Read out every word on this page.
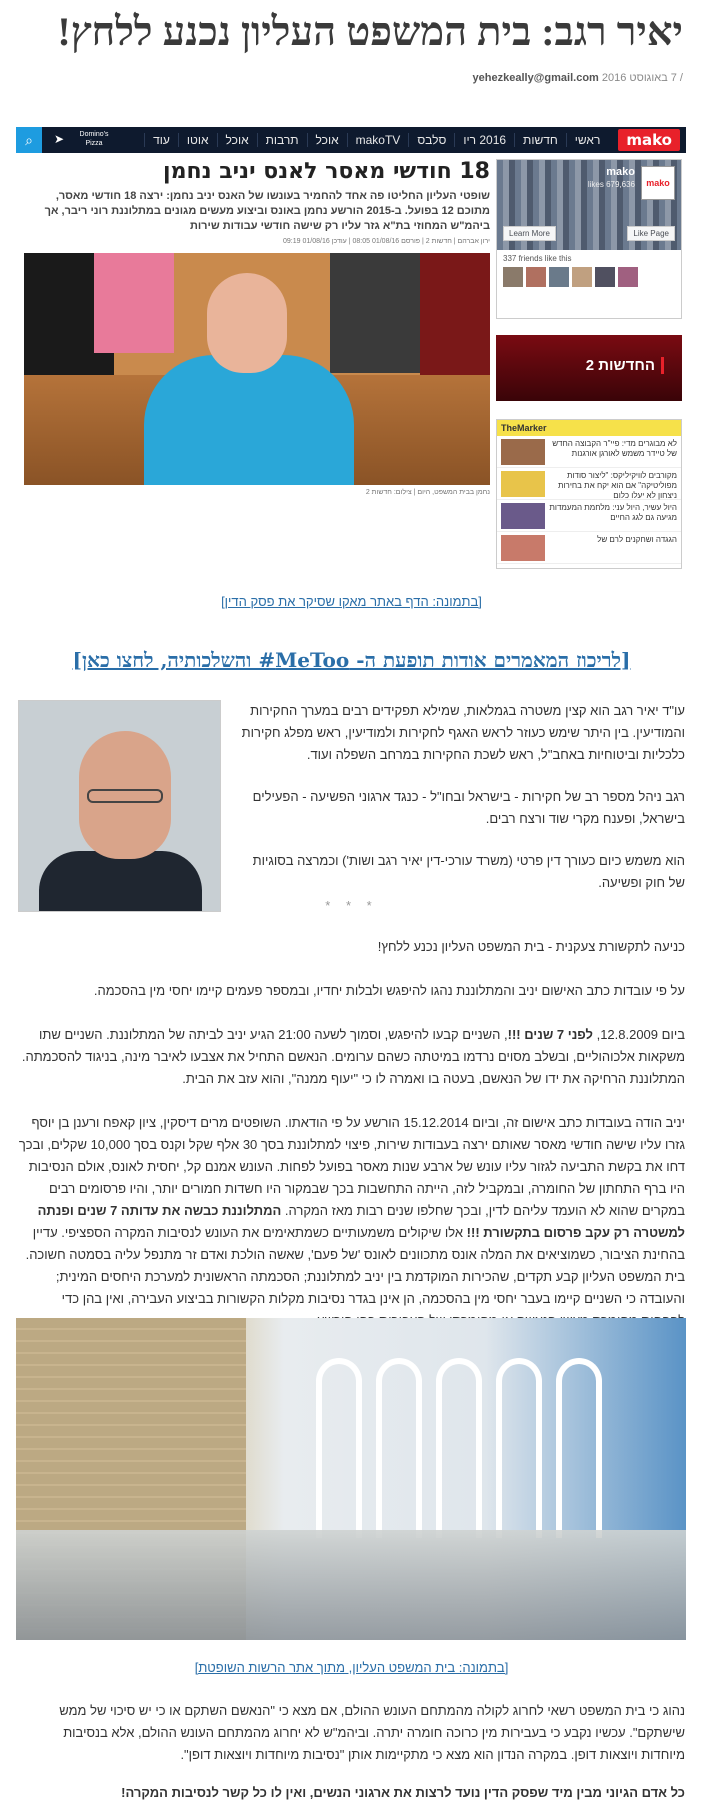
יאיר רגב: בית המשפט העליון נכנע ללחץ!
/ 7 באוגוסט 2016 yehezkeally@gmail.com
mako
ראשי
חדשות
2016 ריו
סלבס
makoTV
אוכל
תרבות
אוכל
אוטו
עוד
Domino's Pizza
➤
⌕
mako
mako
679,636 likes
Like Page
Learn More
337 friends like this
החדשות 2
TheMarker
לא מבוגרים מדי: פיי"ר הקבוצה החדש של טיידר משמש לאורגן אורגנות
מקורבים לוויקיליקס: "ליצור סודות מפוליטיקה" אם הוא יקח את בחירות ניצחון לא יעלו כלום
היול עשיר, היול עני: מלחמת המעמדות מגיעה גם לגג החיים
הגגדה ושחקנים לרם של
18 חודשי מאסר לאנס יניב נחמן
שופטי העליון החליטו פה אחד להחמיר בעונשו של האנס יניב נחמן: ירצה 18 חודשי מאסר, מתוכם 12 בפועל. ב-2015 הורשע נחמן באונס וביצוע מעשים מגונים במתלוננת רוני ריבר, אך ביהמ"ש המחוזי בת"א גזר עליו רק שישה חודשי עבודות שירות
ירון אברהם | חדשות 2 | פורסם 01/08/16 08:05 | עודכן 01/08/16 09:19
נחמן בבית המשפט, היום | צילום: חדשות 2
[בתמונה: הדף באתר מאקו שסיקר את פסק הדין]
[לריכוז המאמרים אודות תופעת ה- MeToo# והשלכותיה, לחצו כאן]

עו"ד יאיר רגב הוא קצין משטרה בגמלאות, שמילא תפקידים רבים במערך החקירות והמודיעין. בין היתר שימש כעוזר לראש האגף לחקירות ולמודיעין, ראש מפלג חקירות כלכליות וביטוחיות באחב"ל, ראש לשכת החקירות במרחב השפלה ועוד.

רגב ניהל מספר רב של חקירות - בישראל ובחו"ל - כנגד ארגוני הפשיעה - הפעילים בישראל, ופענח מקרי שוד ורצח רבים.

הוא משמש כיום כעורך דין פרטי (משרד עורכי-דין יאיר רגב ושות') וכמרצה בסוגיות של חוק ופשיעה.

* * *

כניעה לתקשורת צעקנית - בית המשפט העליון נכנע ללחץ!

על פי עובדות כתב האישום יניב והמתלוננת נהגו להיפגש ולבלות יחדיו, ובמספר פעמים קיימו יחסי מין בהסכמה.

ביום 12.8.2009, לפני 7 שנים !!!, השניים קבעו להיפגש, וסמוך לשעה 21:00 הגיע יניב לביתה של המתלוננת. השניים שתו משקאות אלכוהוליים, ובשלב מסוים נרדמו במיטתה כשהם ערומים. הנאשם התחיל את אצבעו לאיבר מינה, בניגוד להסכמתה. המתלוננת הרחיקה את ידו של הנאשם, בעטה בו ואמרה לו כי "יעוף ממנה", והוא עזב את הבית.

יניב הודה בעובדות כתב אישום זה, וביום 15.12.2014 הורשע על פי הודאתו. השופטים מרים דיסקין, ציון קאפח ורענן בן יוסף גזרו עליו שישה חודשי מאסר שאותם ירצה בעבודות שירות, פיצוי למתלוננת בסך 30 אלף שקל וקנס בסך 10,000 שקלים, ובכך דחו את בקשת התביעה לגזור עליו עונש של ארבע שנות מאסר בפועל לפחות. העונש אמנם קל, יחסית לאונס, אולם הנסיבות היו ברף התחתון של החומרה, ובמקביל לזה, הייתה התחשבות בכך שבמקור היו חשדות חמורים יותר, והיו פרסומים רבים במקרים שהוא לא הועמד עליהם לדין, ובכך שחלפו שנים רבות מאז המקרה. המתלוננת כבשה את עדותה 7 שנים ופנתה למשטרה רק עקב פרסום בתקשורת !!! אלו שיקולים משמעותיים כשמתאימים את העונש לנסיבות המקרה הספציפי. עדיין בהחינת הציבור, כשמוציאים את המלה אונס מתכוונים לאונס 'של פעם', שאשה הולכת ואדם זר מתנפל עליה בסמטה חשוכה. בית המשפט העליון קבע תקדים, שהכירות המוקדמת בין יניב למתלוננת; הסכמתה הראשונית למערכת היחסים המינית; והעובדה כי השניים קיימו בעבר יחסי מין בהסכמה, הן אינן בגדר נסיבות מקלות הקשורות בביצוע העבירה, ואין בהן כדי

[בתמונה: בית המשפט העליון, מתוך אתר הרשות השופטת]

נהוג כי בית המשפט רשאי לחרוג לקולה מהמתחם העונש ההולם, אם מצא כי "הנאשם השתקם או כי יש סיכוי של ממש שישתקם". עכשיו נקבע כי בעבירות מין כרוכה חומרה יתרה. וביהמ"ש לא יחרוג מהמתחם העונש ההולם, אלא בנסיבות מיוחדות ויוצאות דופן. במקרה הנדון הוא מצא כי מתקיימות אותן "נסיבות מיוחדות ויוצאות דופן".

כל אדם הגיוני מבין מיד שפסק הדין נועד לרצות את ארגוני הנשים, ואין לו כל קשר לנסיבות המקרה!
